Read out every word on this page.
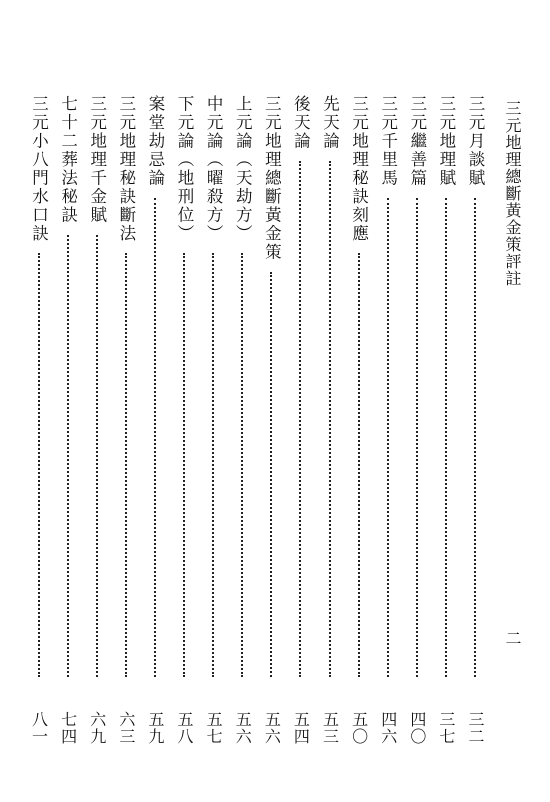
三元地理總斷黃金策評註
二
三元月談賦
三二
三元地理賦
三七
三元繼善篇
四〇
三元千里馬
四六
三元地理秘訣刻應
五〇
先天論
五三
後天論
五四
三元地理總斷黃金策
五六
上元論（天劫方）
五六
中元論（曜殺方）
五七
下元論（地刑位）
五八
案堂劫忌論
五九
三元地理秘訣斷法
六三
三元地理千金賦
六九
七十二葬法秘訣
七四
三元小八門水口訣
八一
